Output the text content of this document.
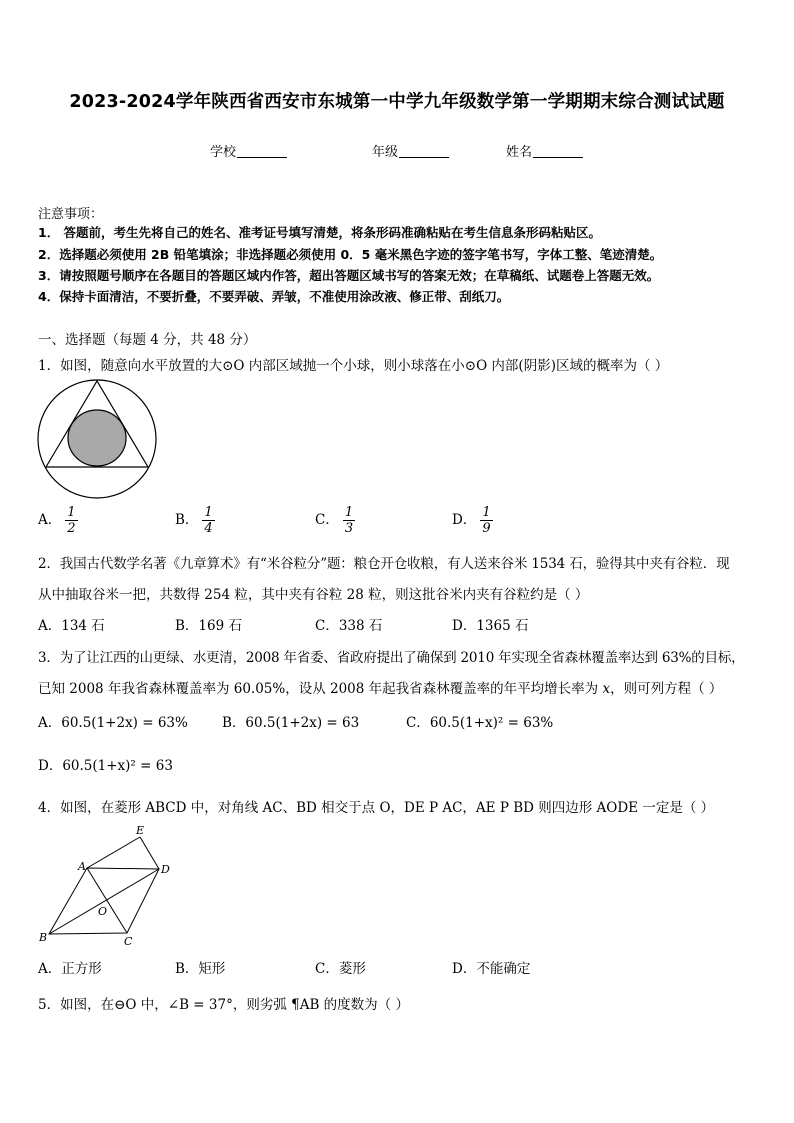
2023-2024学年陕西省西安市东城第一中学九年级数学第一学期期末综合测试试题
学校	年级	姓名
注意事项：
1． 答题前，考生先将自己的姓名、准考证号填写清楚，将条形码准确粘贴在考生信息条形码粘贴区。
2．选择题必须使用 2B 铅笔填涂；非选择题必须使用 0．5 毫米黑色字迹的签字笔书写，字体工整、笔迹清楚。
3．请按照题号顺序在各题目的答题区域内作答，超出答题区域书写的答案无效；在草稿纸、试题卷上答题无效。
4．保持卡面清洁，不要折叠，不要弄破、弄皱，不准使用涂改液、修正带、刮纸刀。
一、选择题（每题 4 分，共 48 分）
1．如图，随意向水平放置的大⊙O 内部区域抛一个小球，则小球落在小⊙O 内部(阴影)区域的概率为（ ）
A． $\frac{1}{2}$	B． $\frac{1}{4}$	C． $\frac{1}{3}$	D． $\frac{1}{9}$
2．我国古代数学名著《九章算术》有“米谷粒分”题：粮仓开仓收粮，有人送来谷米 1534 石，验得其中夹有谷粒．现
从中抽取谷米一把，共数得 254 粒，其中夹有谷粒 28 粒，则这批谷米内夹有谷粒约是（ ）
A．134 石	B．169 石	C．338 石	D．1365 石
3．为了让江西的山更绿、水更清，2008 年省委、省政府提出了确保到 2010 年实现全省森林覆盖率达到 63%的目标，
已知 2008 年我省森林覆盖率为 60.05%，设从 2008 年起我省森林覆盖率的年平均增长率为 x，则可列方程（ ）
A．60.5(1+2x) = 63%	B．60.5(1+2x) = 63	C．60.5(1+x)² = 63%
D．60.5(1+x)² = 63
4．如图，在菱形 ABCD 中，对角线 AC、BD 相交于点 O，DE P AC，AE P BD 则四边形 AODE 一定是（ ）
A
B	C
D
E
O
A．正方形	B．矩形	C．菱形	D．不能确定
5．如图，在⊖O 中，∠B = 37°，则劣弧 ¶AB 的度数为（ ）
